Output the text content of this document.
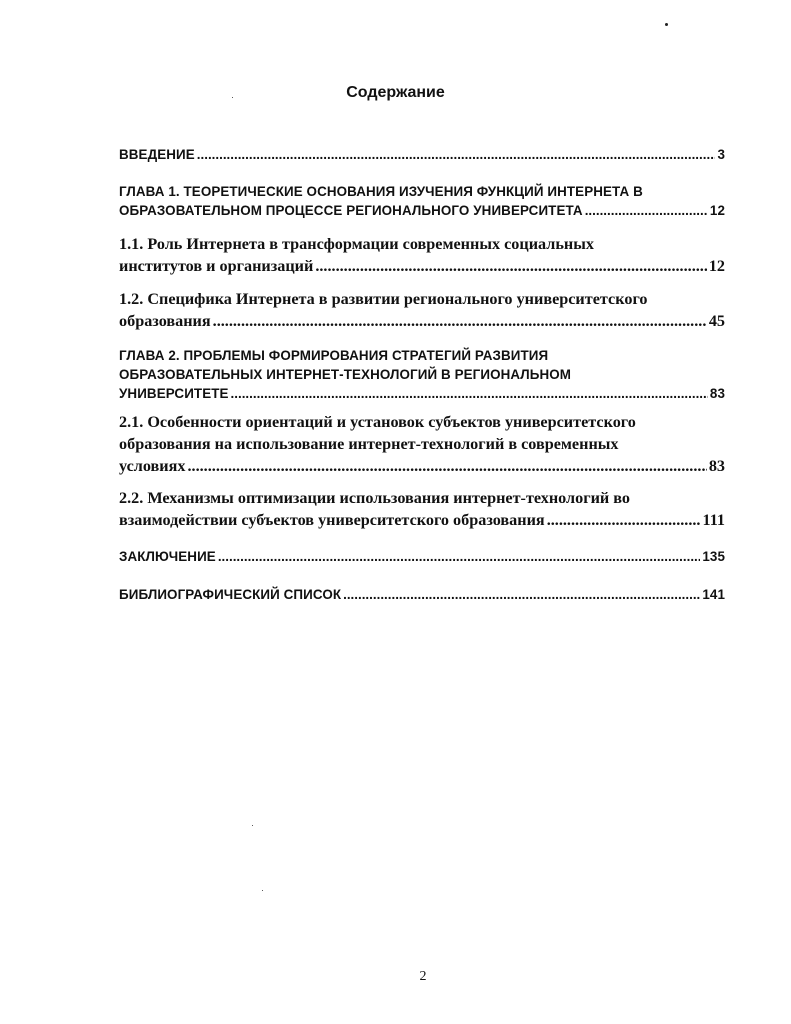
Содержание
ВВЕДЕНИЕ .....	3
ГЛАВА 1. ТЕОРЕТИЧЕСКИЕ ОСНОВАНИЯ ИЗУЧЕНИЯ ФУНКЦИЙ ИНТЕРНЕТА В
ОБРАЗОВАТЕЛЬНОМ ПРОЦЕССЕ РЕГИОНАЛЬНОГО УНИВЕРСИТЕТА .....	12
1.1. Роль Интернета в трансформации современных социальных
институтов и организаций .....	12
1.2. Специфика Интернета в развитии регионального университетского
образования .....	45
ГЛАВА 2. ПРОБЛЕМЫ ФОРМИРОВАНИЯ СТРАТЕГИЙ РАЗВИТИЯ
ОБРАЗОВАТЕЛЬНЫХ ИНТЕРНЕТ-ТЕХНОЛОГИЙ В РЕГИОНАЛЬНОМ
УНИВЕРСИТЕТЕ .....	83
2.1. Особенности ориентаций и установок субъектов университетского
образования на использование интернет-технологий в современных
условиях .....	83
2.2. Механизмы оптимизации использования интернет-технологий во
взаимодействии субъектов университетского образования .....	111
ЗАКЛЮЧЕНИЕ .....	135
БИБЛИОГРАФИЧЕСКИЙ СПИСОК .....	141
2
